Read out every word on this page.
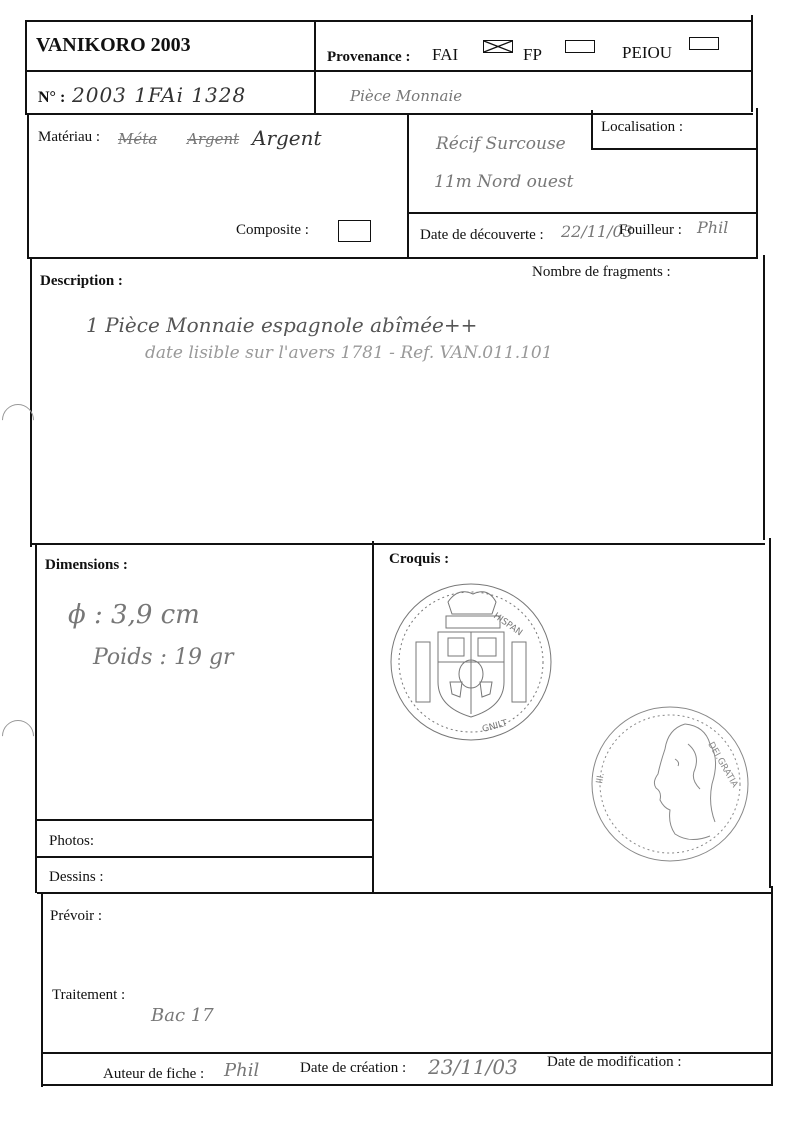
VANIKORO 2003
Provenance : FAI	FP	PEIOU
N° : 2003 1FAi 1328	Pièce Monnaie
Matériau : Méta Argent Argent
Composite :
Localisation :
Récif Surcouse
11m Nord ouest
Date de découverte : 22/11/03
Fouilleur : Phil
Description :
Nombre de fragments :
1 Pièce Monnaie espagnole abîmée++
date lisible sur l'avers 1781 - Ref. VAN.011.101
Dimensions :
ϕ : 3,9 cm
Poids : 19 gr
Croquis :
HISPAN
GNILT
DEI.GRATIA
III.
Photos:
Dessins :
Prévoir :
Traitement :
Bac 17
Auteur de fiche : Phil	Date de création : 23/11/03 Date de modification :
